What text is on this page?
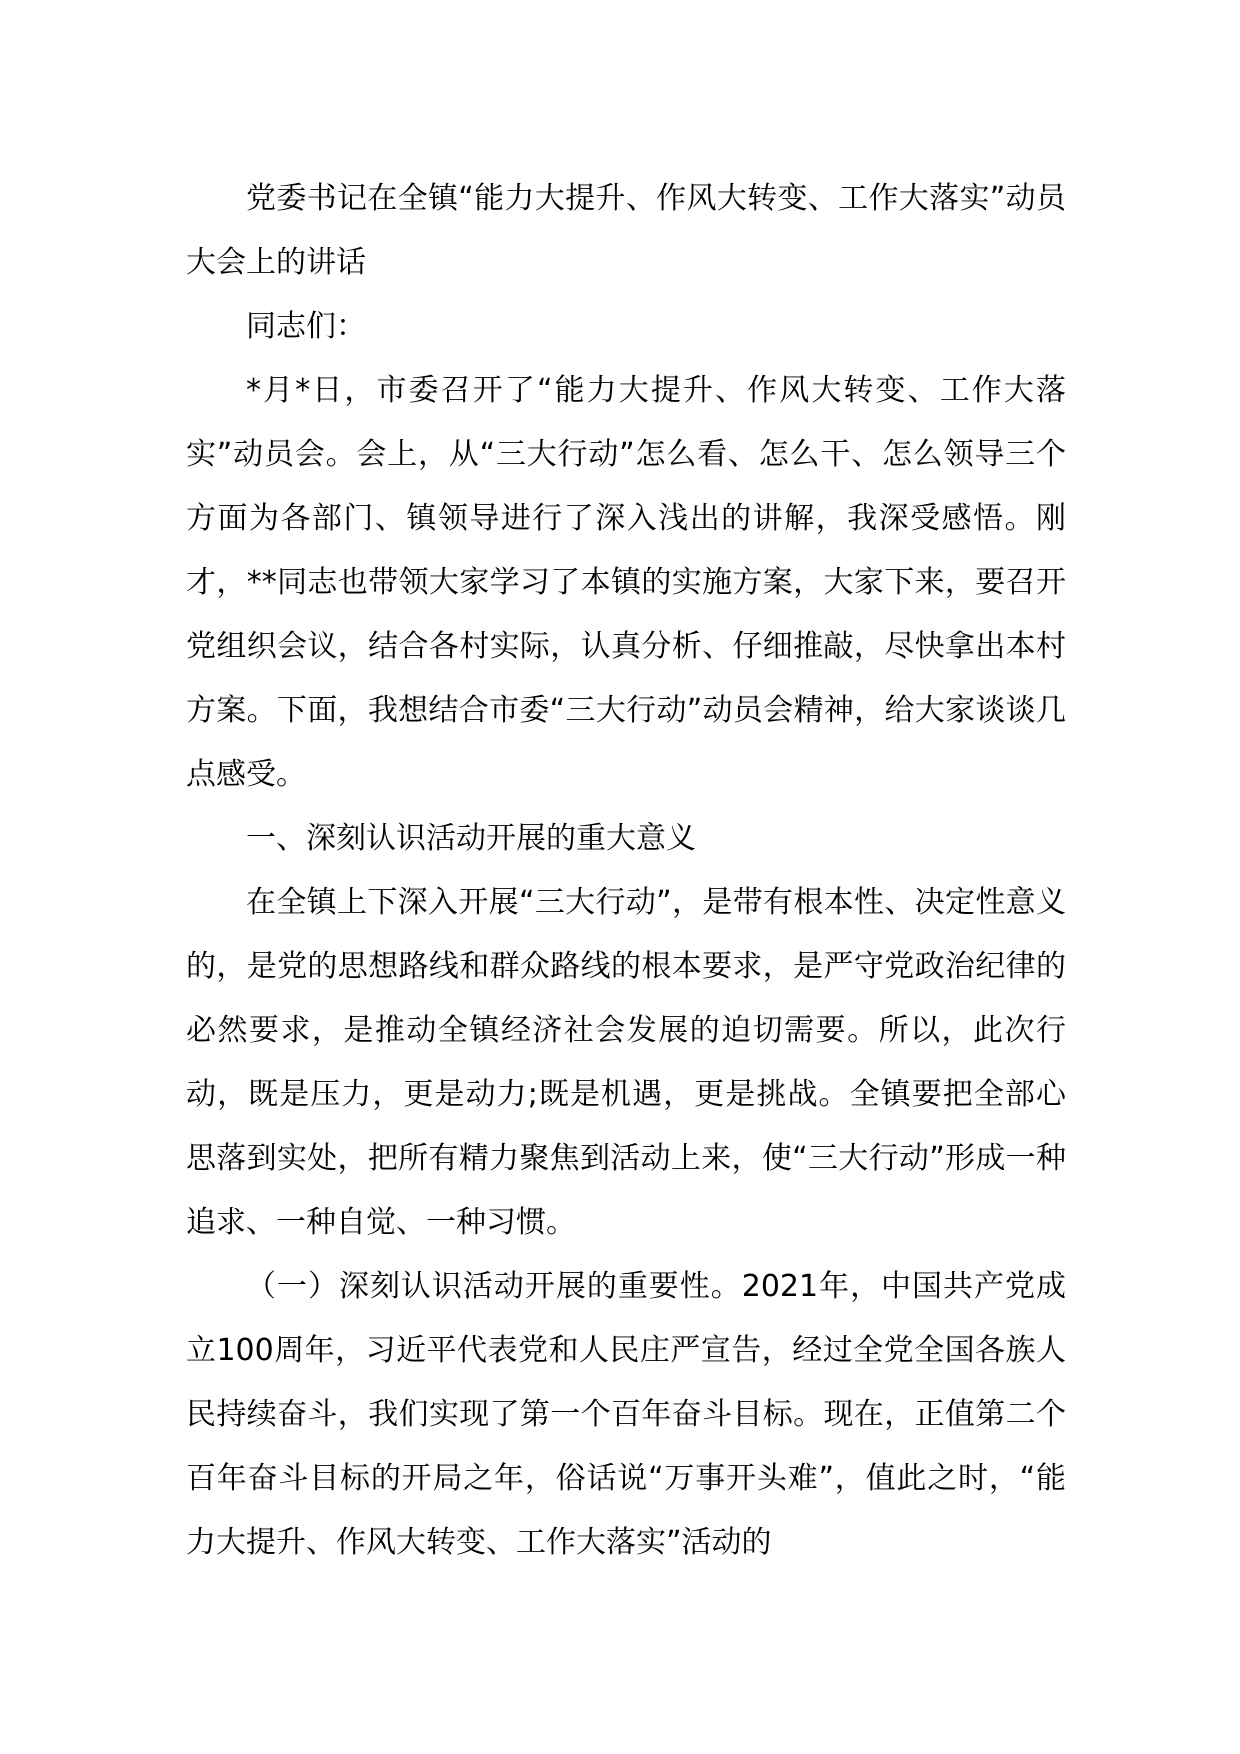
党委书记在全镇“能力大提升、作风大转变、工作大落实”动员大会上的讲话

同志们：

*月*日，市委召开了“能力大提升、作风大转变、工作大落实”动员会。会上，从“三大行动”怎么看、怎么干、怎么领导三个方面为各部门、镇领导进行了深入浅出的讲解，我深受感悟。刚才，**同志也带领大家学习了本镇的实施方案，大家下来，要召开党组织会议，结合各村实际，认真分析、仔细推敲，尽快拿出本村方案。下面，我想结合市委“三大行动”动员会精神，给大家谈谈几点感受。

一、深刻认识活动开展的重大意义

在全镇上下深入开展“三大行动”，是带有根本性、决定性意义的，是党的思想路线和群众路线的根本要求，是严守党政治纪律的必然要求，是推动全镇经济社会发展的迫切需要。所以，此次行动，既是压力，更是动力;既是机遇，更是挑战。全镇要把全部心思落到实处，把所有精力聚焦到活动上来，使“三大行动”形成一种追求、一种自觉、一种习惯。

（一）深刻认识活动开展的重要性。2021年，中国共产党成立100周年，习近平代表党和人民庄严宣告，经过全党全国各族人民持续奋斗，我们实现了第一个百年奋斗目标。现在，正值第二个百年奋斗目标的开局之年，俗话说“万事开头难”，值此之时，“能力大提升、作风大转变、工作大落实”活动的
